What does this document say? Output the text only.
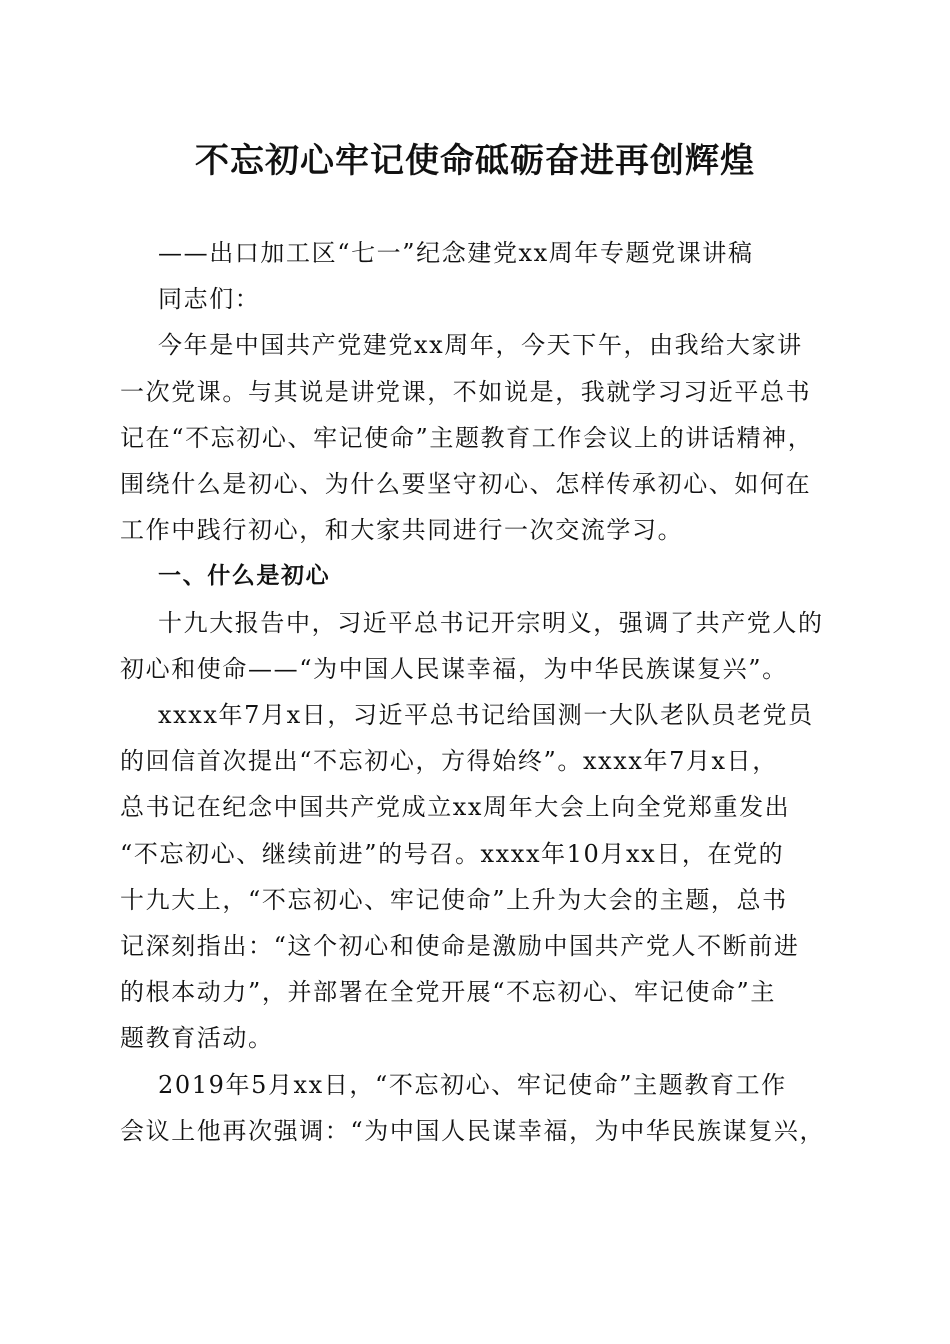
不忘初心牢记使命砥砺奋进再创辉煌
——出口加工区“七一”纪念建党xx周年专题党课讲稿
同志们：
今年是中国共产党建党xx周年，今天下午，由我给大家讲
一次党课。与其说是讲党课，不如说是，我就学习习近平总书
记在“不忘初心、牢记使命”主题教育工作会议上的讲话精神，
围绕什么是初心、为什么要坚守初心、怎样传承初心、如何在
工作中践行初心，和大家共同进行一次交流学习。
一、什么是初心
十九大报告中，习近平总书记开宗明义，强调了共产党人的
初心和使命——“为中国人民谋幸福，为中华民族谋复兴”。
xxxx年7月x日，习近平总书记给国测一大队老队员老党员
的回信首次提出“不忘初心，方得始终”。xxxx年7月x日，
总书记在纪念中国共产党成立xx周年大会上向全党郑重发出
“不忘初心、继续前进”的号召。xxxx年10月xx日，在党的
十九大上，“不忘初心、牢记使命”上升为大会的主题，总书
记深刻指出：“这个初心和使命是激励中国共产党人不断前进
的根本动力”，并部署在全党开展“不忘初心、牢记使命”主
题教育活动。
2019年5月xx日，“不忘初心、牢记使命”主题教育工作
会议上他再次强调：“为中国人民谋幸福，为中华民族谋复兴，
